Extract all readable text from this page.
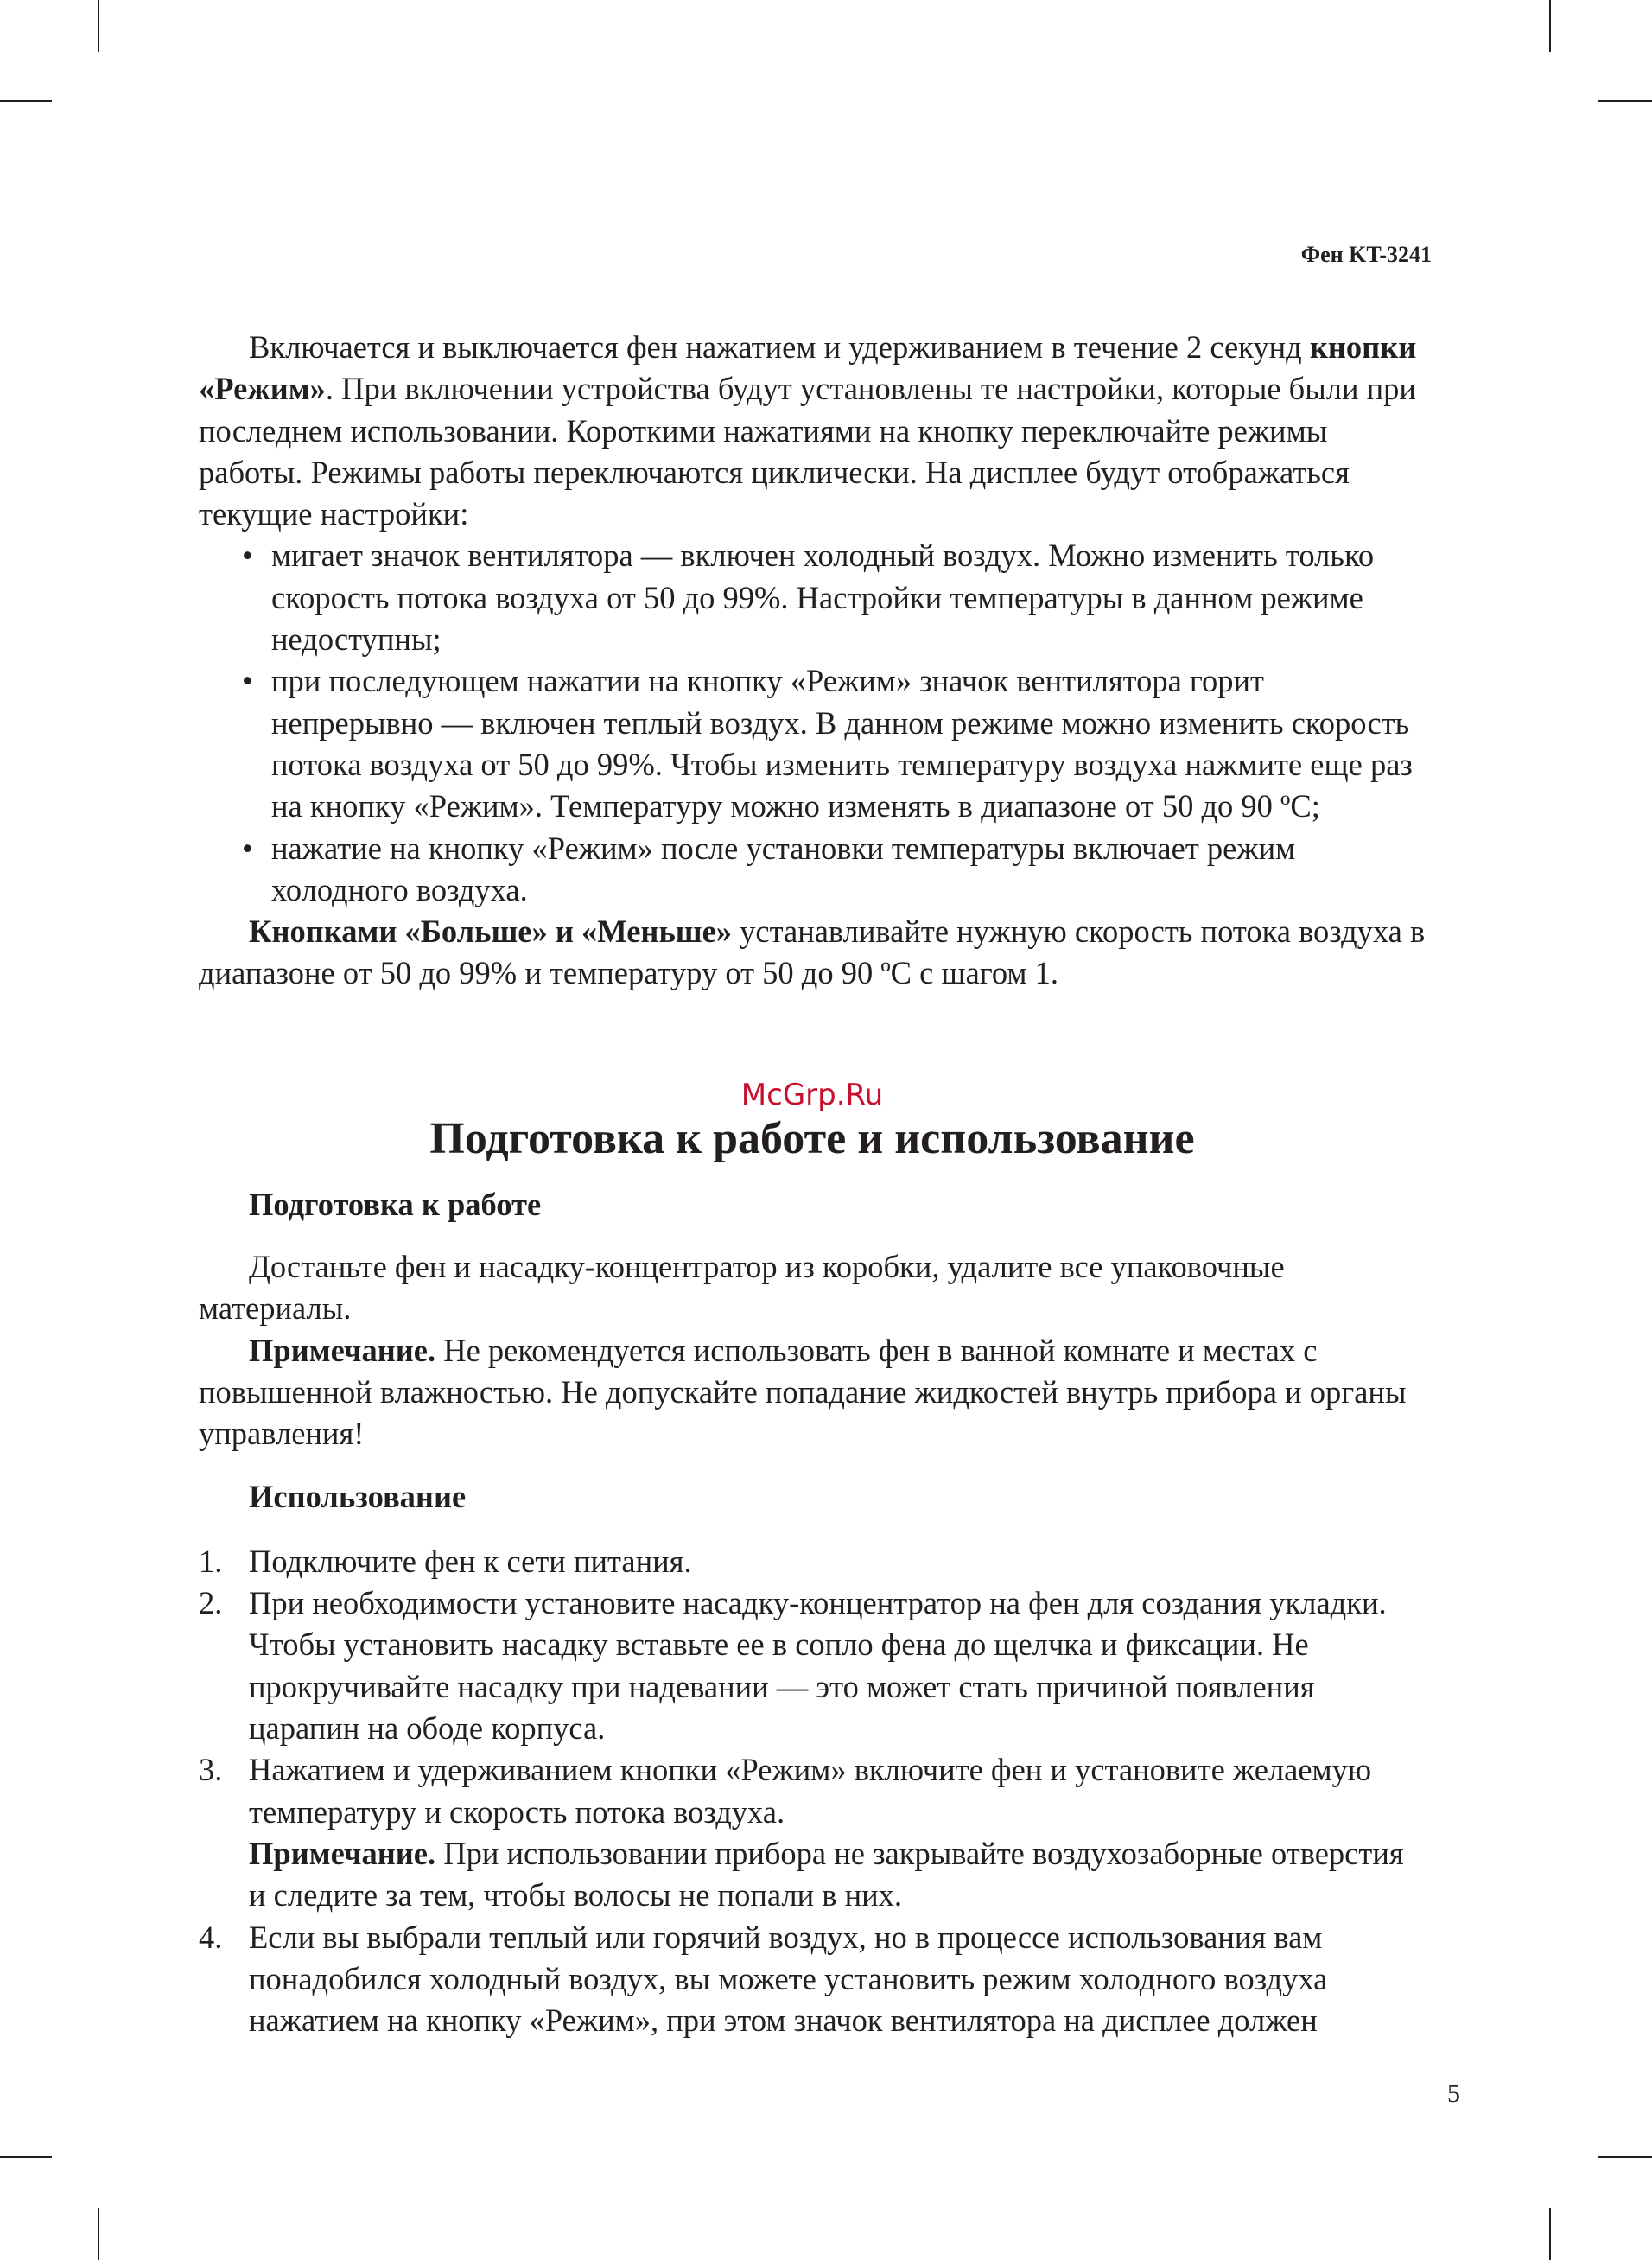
Фен KT-3241

Включается и выключается фен нажатием и удерживанием в течение 2 секунд кнопки «Режим». При включении устройства будут установлены те настройки, которые были при последнем использовании. Короткими нажатиями на кнопку переключайте режимы работы. Режимы работы переключаются циклически. На дисплее будут отображаться текущие настройки:

• мигает значок вентилятора — включен холодный воздух. Можно изменить только скорость потока воздуха от 50 до 99%. Настройки температуры в данном режиме недоступны;
• при последующем нажатии на кнопку «Режим» значок вентилятора горит непрерывно — включен теплый воздух. В данном режиме можно изменить скорость потока воздуха от 50 до 99%. Чтобы изменить температуру воздуха нажмите еще раз на кнопку «Режим». Температуру можно изменять в диапазоне от 50 до 90 ºС;
• нажатие на кнопку «Режим» после установки температуры включает режим холодного воздуха.

Кнопками «Больше» и «Меньше» устанавливайте нужную скорость потока воздуха в диапазоне от 50 до 99% и температуру от 50 до 90 ºС с шагом 1.

McGrp.Ru
Подготовка к работе и использование

Подготовка к работе

Достаньте фен и насадку-концентратор из коробки, удалите все упаковочные материалы.

Примечание. Не рекомендуется использовать фен в ванной комнате и местах с повышенной влажностью. Не допускайте попадание жидкостей внутрь прибора и органы управления!

Использование

1. Подключите фен к сети питания.
2. При необходимости установите насадку-концентратор на фен для создания укладки. Чтобы установить насадку вставьте ее в сопло фена до щелчка и фиксации. Не прокручивайте насадку при надевании — это может стать причиной появления царапин на ободе корпуса.
3. Нажатием и удерживанием кнопки «Режим» включите фен и установите желаемую температуру и скорость потока воздуха.

Примечание. При использовании прибора не закрывайте воздухозаборные отверстия и следите за тем, чтобы волосы не попали в них.

4. Если вы выбрали теплый или горячий воздух, но в процессе использования вам понадобился холодный воздух, вы можете установить режим холодного воздуха нажатием на кнопку «Режим», при этом значок вентилятора на дисплее должен
5
